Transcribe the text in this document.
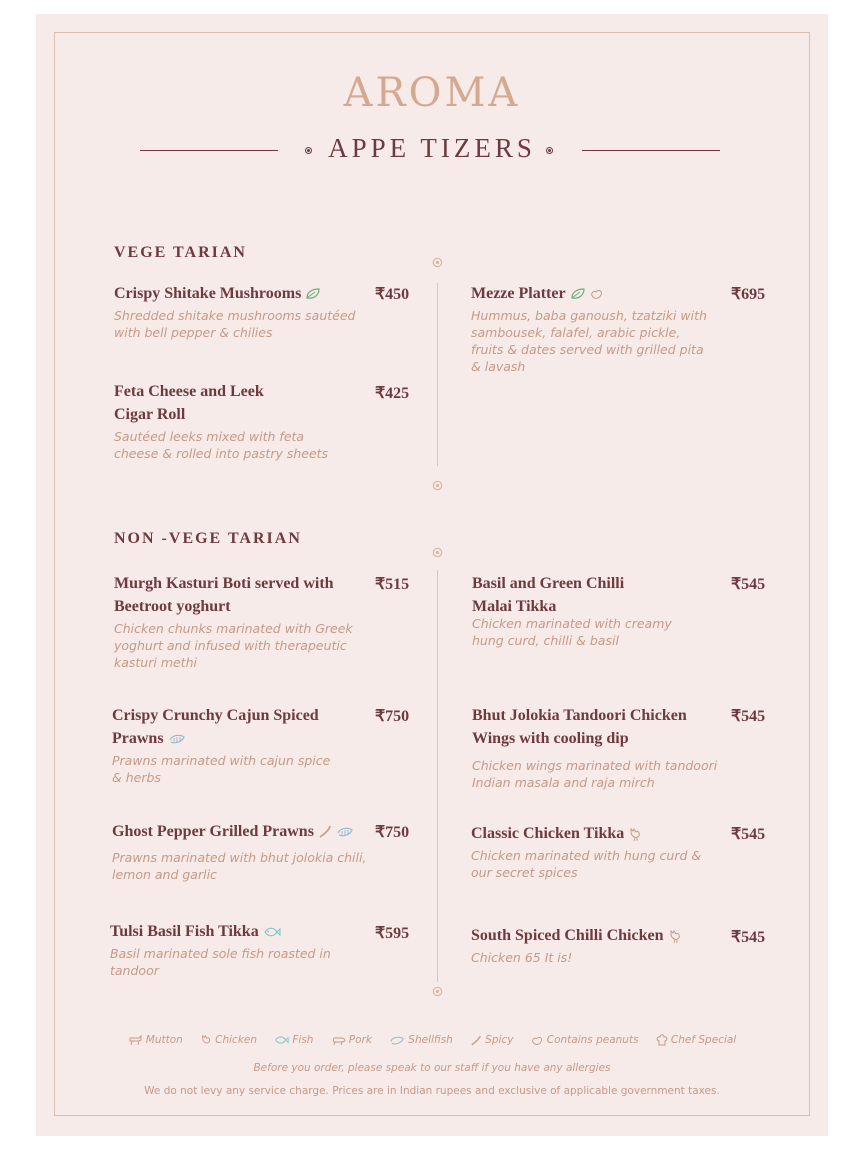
AROMA
APPE TIZERS
VEGE TARIAN
NON -VEGE TARIAN
Crispy Shitake Mushrooms
Shredded shitake mushrooms sautéed with bell pepper & chilies
₹450	Mezze Platter
Hummus, baba ganoush, tzatziki with sambousek, falafel, arabic pickle, fruits & dates served with grilled pita & lavash
₹695
Feta Cheese and Leek Cigar Roll
Sautéed leeks mixed with feta cheese & rolled into pastry sheets
₹425
Murgh Kasturi Boti served with Beetroot yoghurt
Chicken chunks marinated with Greek yoghurt and infused with therapeutic kasturi methi
₹515	Basil and Green Chilli Malai Tikka
Chicken marinated with creamy hung curd, chilli & basil
₹545
Crispy Crunchy Cajun Spiced Prawns
Prawns marinated with cajun spice & herbs
₹750	Bhut Jolokia Tandoori Chicken Wings with cooling dip
Chicken wings marinated with tandoori Indian masala and raja mirch
₹545
Ghost Pepper Grilled Prawns
Prawns marinated with bhut jolokia chili, lemon and garlic
₹750	Classic Chicken Tikka
Chicken marinated with hung curd & our secret spices
₹545
Tulsi Basil Fish Tikka
Basil marinated sole fish roasted in tandoor
₹595	South Spiced Chilli Chicken
Chicken 65 It is!
₹545
Mutton	Chicken	Fish	Pork	Shellfish	Spicy	Contains peanuts	Chef Special
Before you order, please speak to our staff if you have any allergies
We do not levy any service charge. Prices are in Indian rupees and exclusive of applicable government taxes.
